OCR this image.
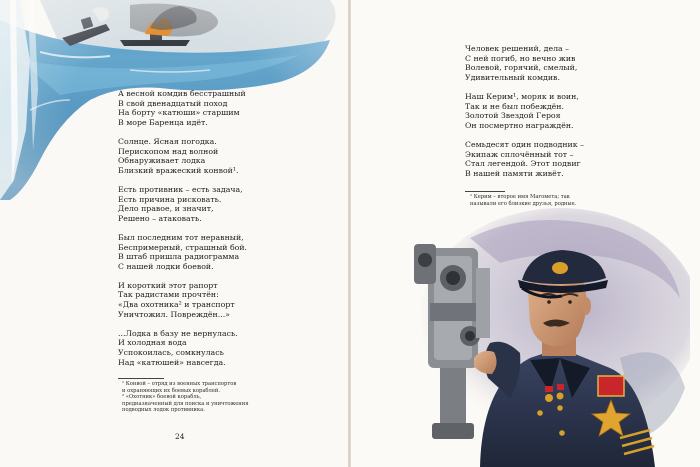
А весной комдив бесстрашный
В свой двенадцатый поход
На борту «катюши» старшим
В море Баренца идёт.
Солнце. Ясная погодка.
Перископом над волной
Обнаруживает лодка
Близкий вражеский конвой¹.
Есть противник – есть задача,
Есть причина рисковать.
Дело правое, и значит,
Решено – атаковать.
Был последним тот неравный,
Беспримерный, страшный бой.
В штаб пришла радиограмма
С нашей лодки боевой.
И короткий этот рапорт
Так радистами прочтён:
«Два охотника² и транспорт
Уничтожил. Повреждён...»
...Лодка в базу не вернулась.
И холодная вода
Успокоилась, сомкнулась
Над «катюшей» навсегда.
¹ Конвой – отряд из военных транспортов
и охраняющих их боевых кораблей.
² «Охотник» боевой корабль,
предназначенный для поиска и уничтожения
подводных лодок противника.
24
Человек решений, дела –
С ней погиб, но вечно жив
Волевой, горячий, смелый,
Удивительный комдив.
Наш Керим¹, моряк и воин,
Так и не был побеждён.
Золотой Звездой Героя
Он посмертно награждён.
Семьдесят один подводник –
Экипаж сплочённый тот –
Стал легендой. Этот подвиг
В нашей памяти живёт.
¹ Керим – второе имя Магомета; так
называли его близкие друзья, родные.
